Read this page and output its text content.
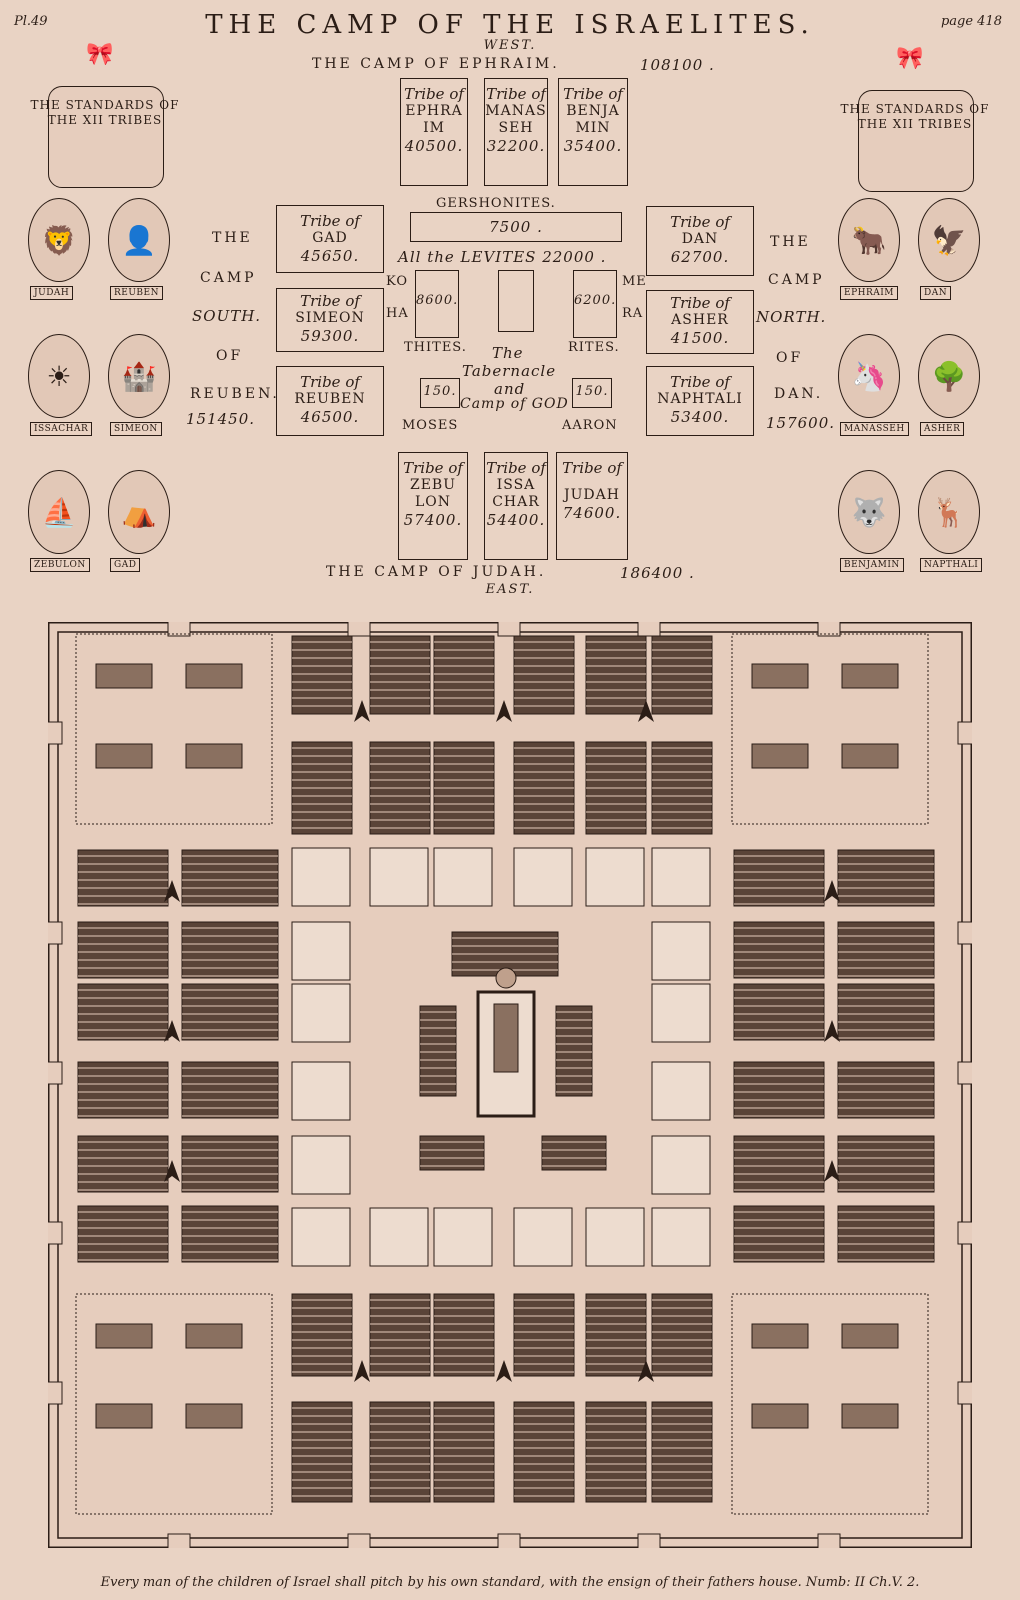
Pl.49	page 418
THE CAMP OF THE ISRAELITES.
WEST.
THE CAMP OF EPHRAIM.	108100 .
Tribe of
EPHRA
IM
40500.
Tribe of
MANAS
SEH
32200.
Tribe of
BENJA
MIN
35400.
GERSHONITES.
7500 .
All the LEVITES 22000 .
KO
HA
THITES.
8600.	6200.
ME
RA
RITES.
The
Tabernacle
and
Camp of GOD
150.
MOSES
150.
AARON
THE
CAMP
SOUTH.
OF
REUBEN.
151450.
Tribe of
GAD
45650.
Tribe of
SIMEON
59300.
Tribe of
REUBEN
46500.
Tribe of
DAN
62700.
Tribe of
ASHER
41500.
Tribe of
NAPHTALI
53400.
THE
CAMP
NORTH.
OF
DAN.
157600.
Tribe of
ZEBU
LON
57400.
Tribe of
ISSA
CHAR
54400.
Tribe of
JUDAH
74600.
THE CAMP OF JUDAH.	186400 .
EAST.
🎀
THE STANDARDS OF THE XII TRIBES
🦁
JUDAH
👤
REUBEN
☀
ISSACHAR
🏰
SIMEON
⛵
ZEBULON
⛺
GAD
🎀
THE STANDARDS OF THE XII TRIBES
🐂
EPHRAIM
🦅
DAN
🦄
MANASSEH
🌳
ASHER
🐺
BENJAMIN
🦌
NAPTHALI
Every man of the children of Israel shall pitch by his own standard, with the ensign of their fathers house. Numb: II Ch.V. 2.
